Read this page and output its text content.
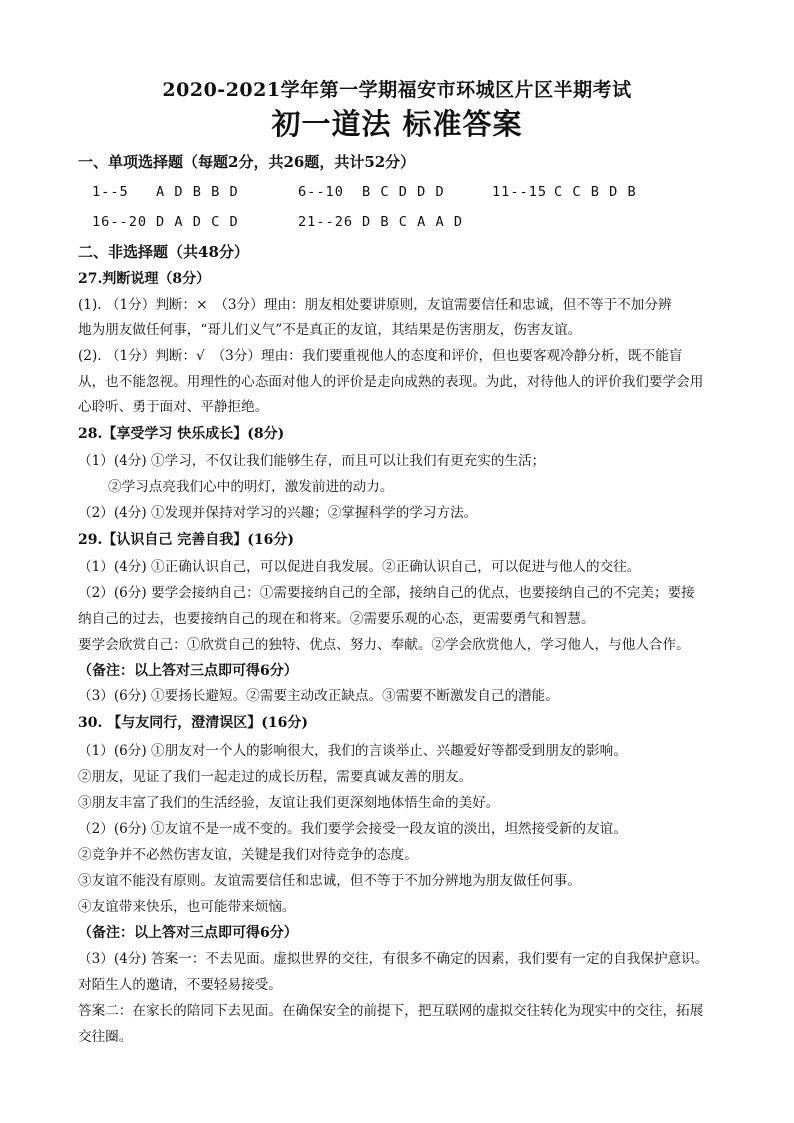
2020-2021学年第一学期福安市环城区片区半期考试
初一道法 标准答案
一、单项选择题（每题2分，共26题，共计52分）
1--5 A D B B D	6--10 B C D D D	11--15 C C B D B
16--20 D A D C D	21--26 D B C A A D
二、非选择题（共48分）
27.判断说理（8分）
(1). （1分）判断：×　（3分）理由：朋友相处要讲原则，友谊需要信任和忠诚，但不等于不加分辨
地为朋友做任何事，“哥儿们义气”不是真正的友谊，其结果是伤害朋友，伤害友谊。
(2). （1分）判断：√　（3分）理由：我们要重视他人的态度和评价，但也要客观冷静分析，既不能盲
从，也不能忽视。用理性的心态面对他人的评价是走向成熟的表现。为此，对待他人的评价我们要学会用
心聆听、勇于面对、平静拒绝。
28.【享受学习 快乐成长】(8分)
（1）(4分) ①学习，不仅让我们能够生存，而且可以让我们有更充实的生活；
②学习点亮我们心中的明灯，激发前进的动力。
（2）(4分) ①发现并保持对学习的兴趣；②掌握科学的学习方法。
29.【认识自己 完善自我】(16分)
（1）(4分) ①正确认识自己，可以促进自我发展。②正确认识自己，可以促进与他人的交往。
（2）(6分) 要学会接纳自己：①需要接纳自己的全部，接纳自己的优点，也要接纳自己的不完美；要接
纳自己的过去，也要接纳自己的现在和将来。②需要乐观的心态，更需要勇气和智慧。
要学会欣赏自己：①欣赏自己的独特、优点、努力、奉献。②学会欣赏他人，学习他人，与他人合作。
（备注：以上答对三点即可得6分）
（3）(6分) ①要扬长避短。②需要主动改正缺点。③需要不断激发自己的潜能。
30. 【与友同行，澄清误区】(16分)
（1）(6分) ①朋友对一个人的影响很大，我们的言谈举止、兴趣爱好等都受到朋友的影响。
②朋友，见证了我们一起走过的成长历程，需要真诚友善的朋友。
③朋友丰富了我们的生活经验，友谊让我们更深刻地体悟生命的美好。
（2）(6分) ①友谊不是一成不变的。我们要学会接受一段友谊的淡出，坦然接受新的友谊。
②竞争并不必然伤害友谊，关键是我们对待竞争的态度。
③友谊不能没有原则。友谊需要信任和忠诚，但不等于不加分辨地为朋友做任何事。
④友谊带来快乐，也可能带来烦恼。
（备注：以上答对三点即可得6分）
（3）(4分) 答案一：不去见面。虚拟世界的交往，有很多不确定的因素，我们要有一定的自我保护意识。
对陌生人的邀请，不要轻易接受。
答案二：在家长的陪同下去见面。在确保安全的前提下，把互联网的虚拟交往转化为现实中的交往，拓展
交往圈。
